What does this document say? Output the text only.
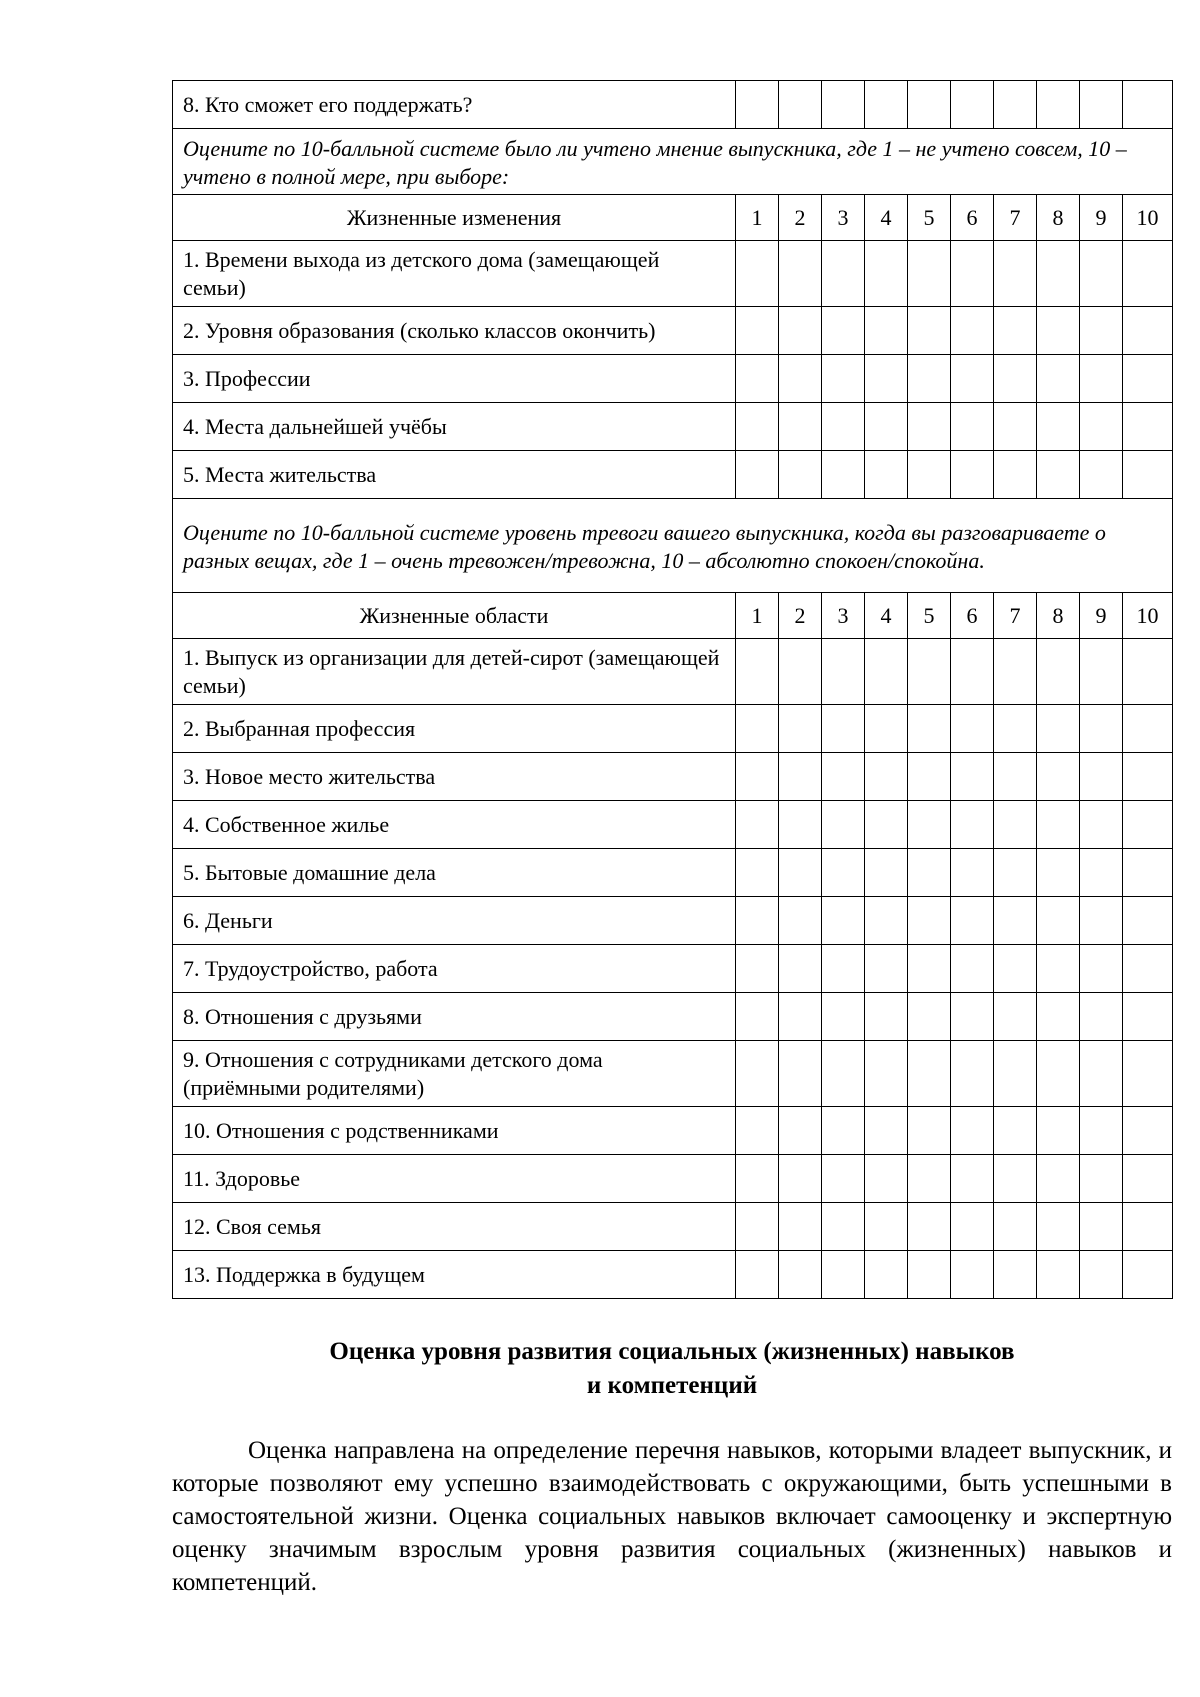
8. Кто сможет его поддержать?										
Оцените по 10-балльной системе было ли учтено мнение выпускника, где 1 – не учтено совсем, 10 – учтено в полной мере, при выборе:										
Жизненные изменения	1	2	3	4	5	6	7	8	9	10
1. Времени выхода из детского дома (замещающей семьи)										
2. Уровня образования (сколько классов окончить)										
3. Профессии										
4. Места дальнейшей учёбы										
5. Места жительства										
Оцените по 10-балльной системе уровень тревоги вашего выпускника, когда вы разговариваете о разных вещах, где 1 – очень тревожен/тревожна, 10 – абсолютно спокоен/спокойна.										
Жизненные области	1	2	3	4	5	6	7	8	9	10
1. Выпуск из организации для детей-сирот (замещающей семьи)										
2. Выбранная профессия										
3. Новое место жительства										
4. Собственное жилье										
5. Бытовые домашние дела										
6. Деньги										
7. Трудоустройство, работа										
8. Отношения с друзьями										
9. Отношения с сотрудниками детского дома (приёмными родителями)										
10. Отношения с родственниками										
11. Здоровье										
12. Своя семья										
13. Поддержка в будущем										
Оценка уровня развития социальных (жизненных) навыков
и компетенций

Оценка направлена на определение перечня навыков, которыми владеет выпускник, и которые позволяют ему успешно взаимодействовать с окружающими, быть успешными в самостоятельной жизни. Оценка социальных навыков включает самооценку и экспертную оценку значимым взрослым уровня развития социальных (жизненных) навыков и компетенций.
